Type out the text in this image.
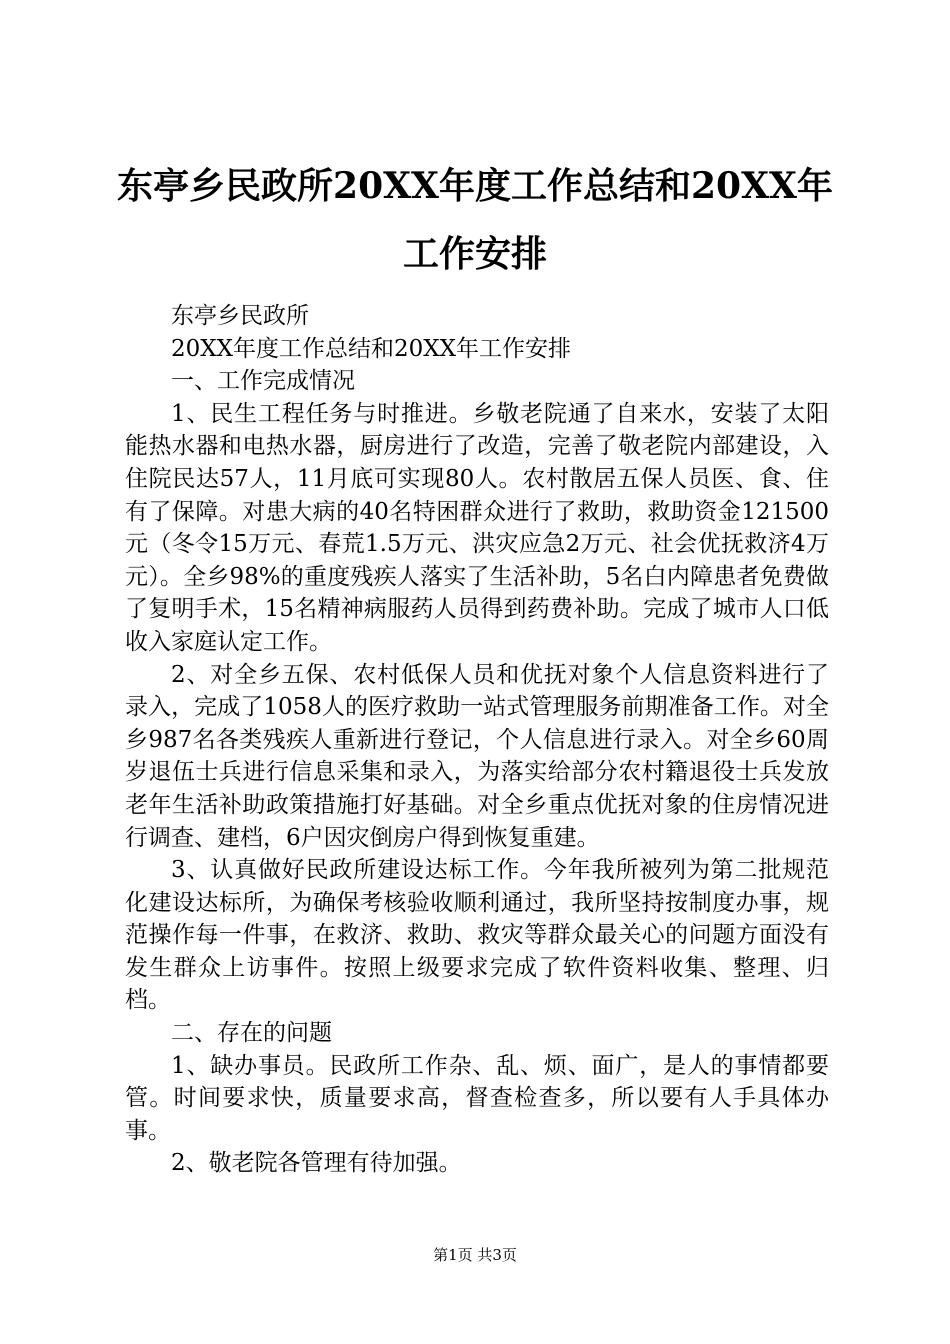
东亭乡民政所20XX年度工作总结和20XX年工作安排

东亭乡民政所

20XX年度工作总结和20XX年工作安排

一、工作完成情况

1、民生工程任务与时推进。乡敬老院通了自来水，安装了太阳能热水器和电热水器，厨房进行了改造，完善了敬老院内部建设，入住院民达57人，11月底可实现80人。农村散居五保人员医、食、住有了保障。对患大病的40名特困群众进行了救助，救助资金121500元（冬令15万元、春荒1.5万元、洪灾应急2万元、社会优抚救济4万元）。全乡98%的重度残疾人落实了生活补助，5名白内障患者免费做了复明手术，15名精神病服药人员得到药费补助。完成了城市人口低收入家庭认定工作。

2、对全乡五保、农村低保人员和优抚对象个人信息资料进行了录入，完成了1058人的医疗救助一站式管理服务前期准备工作。对全乡987名各类残疾人重新进行登记，个人信息进行录入。对全乡60周岁退伍士兵进行信息采集和录入，为落实给部分农村籍退役士兵发放老年生活补助政策措施打好基础。对全乡重点优抚对象的住房情况进行调查、建档，6户因灾倒房户得到恢复重建。

3、认真做好民政所建设达标工作。今年我所被列为第二批规范化建设达标所，为确保考核验收顺利通过，我所坚持按制度办事，规范操作每一件事，在救济、救助、救灾等群众最关心的问题方面没有发生群众上访事件。按照上级要求完成了软件资料收集、整理、归档。

二、存在的问题

1、缺办事员。民政所工作杂、乱、烦、面广，是人的事情都要管。时间要求快，质量要求高，督查检查多，所以要有人手具体办事。

2、敬老院各管理有待加强。

第1页 共3页
